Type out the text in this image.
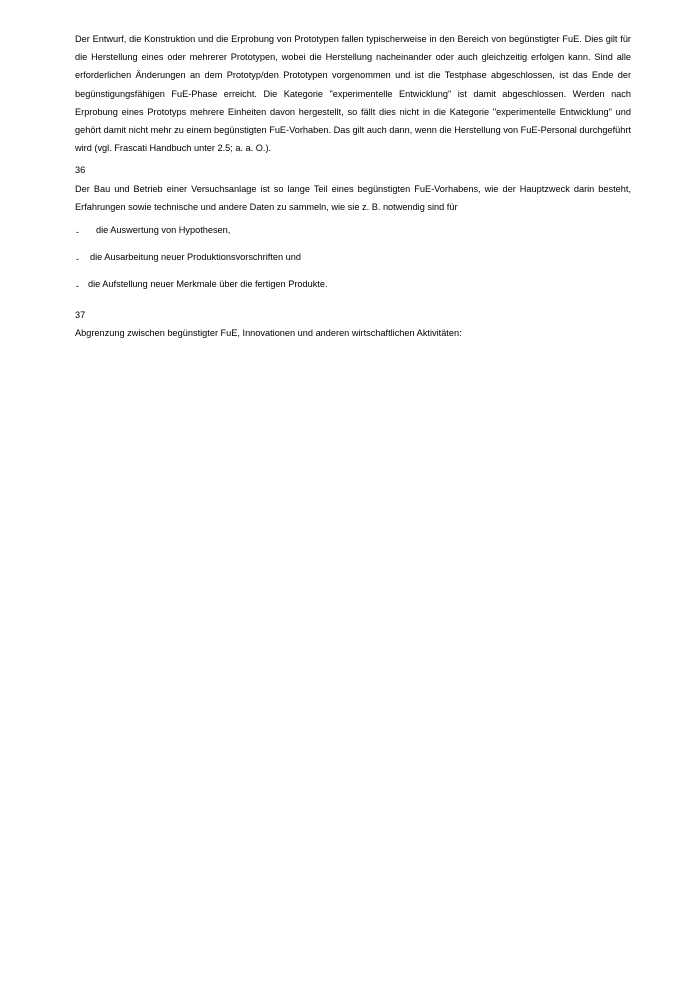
Der Entwurf, die Konstruktion und die Erprobung von Prototypen fallen typischerweise in den Bereich von begünstigter FuE. Dies gilt für die Herstellung eines oder mehrerer Prototypen, wobei die Herstellung nacheinander oder auch gleichzeitig erfolgen kann. Sind alle erforderlichen Änderungen an dem Prototyp/den Prototypen vorgenommen und ist die Testphase abgeschlossen, ist das Ende der begünstigungsfähigen FuE-Phase erreicht. Die Kategorie "experimentelle Entwicklung" ist damit abgeschlossen. Werden nach Erprobung eines Prototyps mehrere Einheiten davon hergestellt, so fällt dies nicht in die Kategorie "experimentelle Entwicklung" und gehört damit nicht mehr zu einem begünstigten FuE-Vorhaben. Das gilt auch dann, wenn die Herstellung von FuE-Personal durchgeführt wird (vgl. Frascati Handbuch unter 2.5; a. a. O.).

36

Der Bau und Betrieb einer Versuchsanlage ist so lange Teil eines begünstigten FuE-Vorhabens, wie der Hauptzweck darin besteht, Erfahrungen sowie technische und andere Daten zu sammeln, wie sie z. B. notwendig sind für

- die Auswertung von Hypothesen,
- die Ausarbeitung neuer Produktionsvorschriften und
- die Aufstellung neuer Merkmale über die fertigen Produkte.

37

Abgrenzung zwischen begünstigter FuE, Innovationen und anderen wirtschaftlichen Aktivitäten:
